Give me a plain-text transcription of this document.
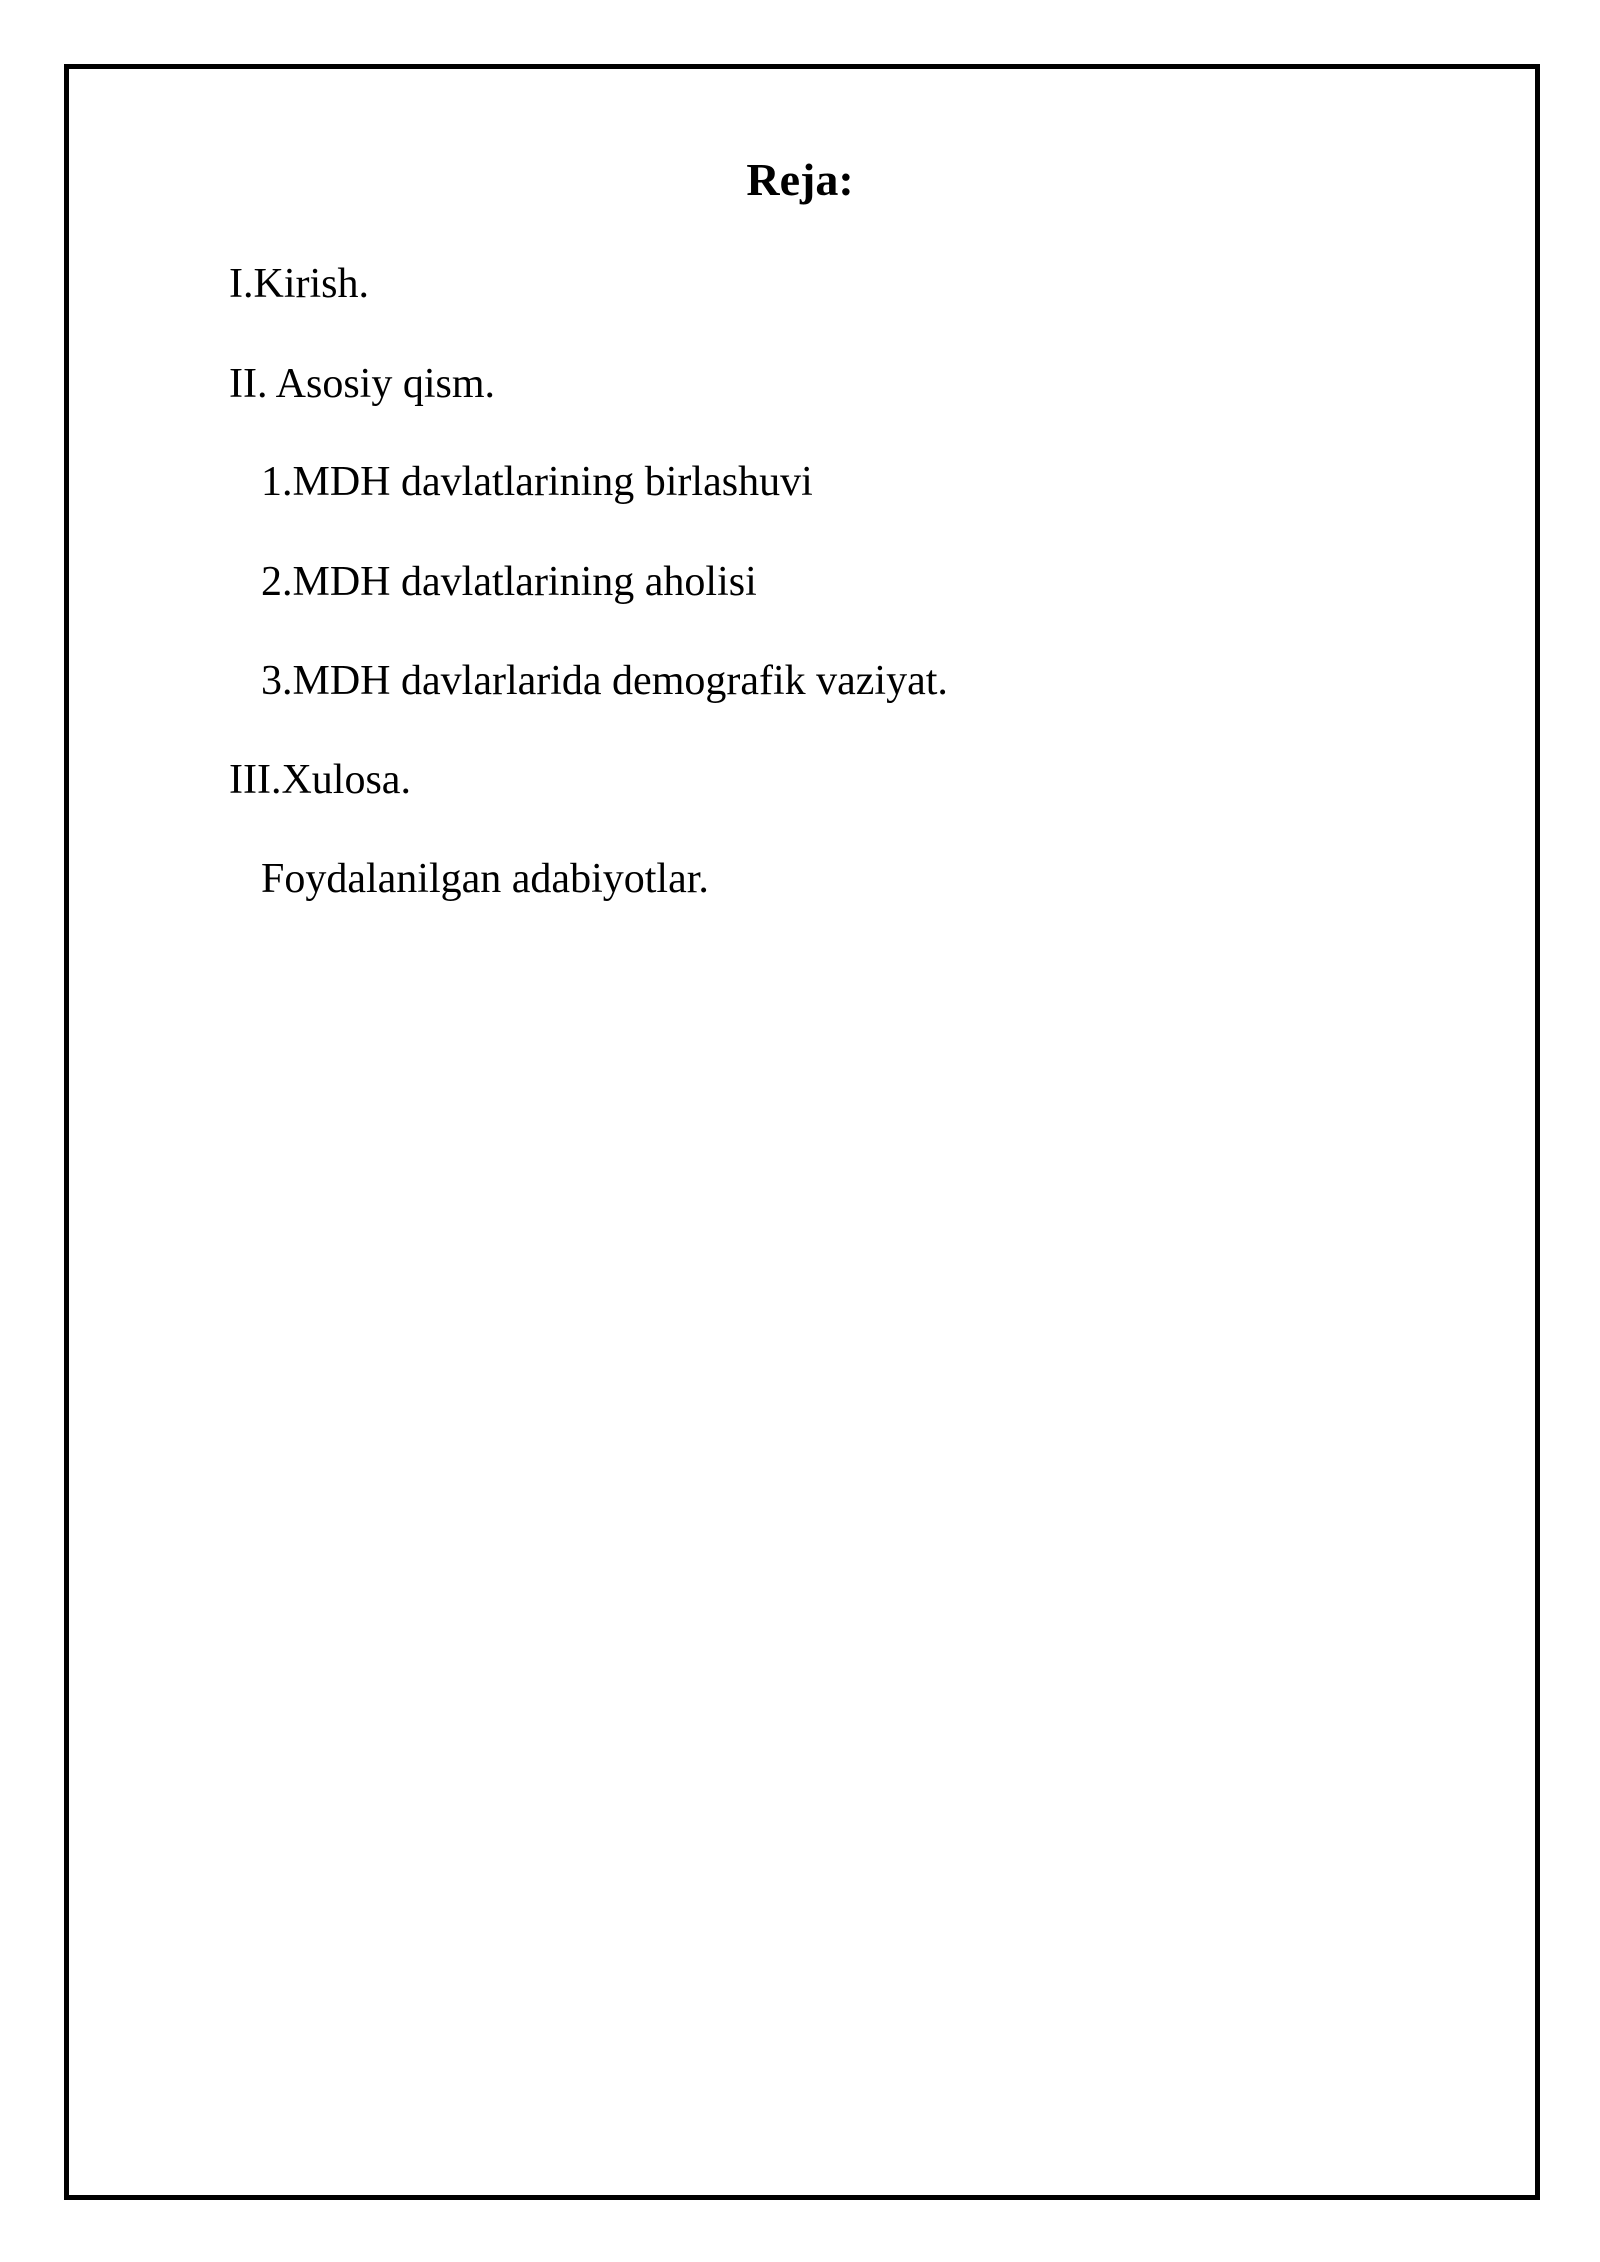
Reja:
I.Kirish.
II. Asosiy qism.
1.MDH davlatlarining birlashuvi
2.MDH davlatlarining aholisi
3.MDH davlarlarida demografik vaziyat.
III.Xulosa.
Foydalanilgan adabiyotlar.
